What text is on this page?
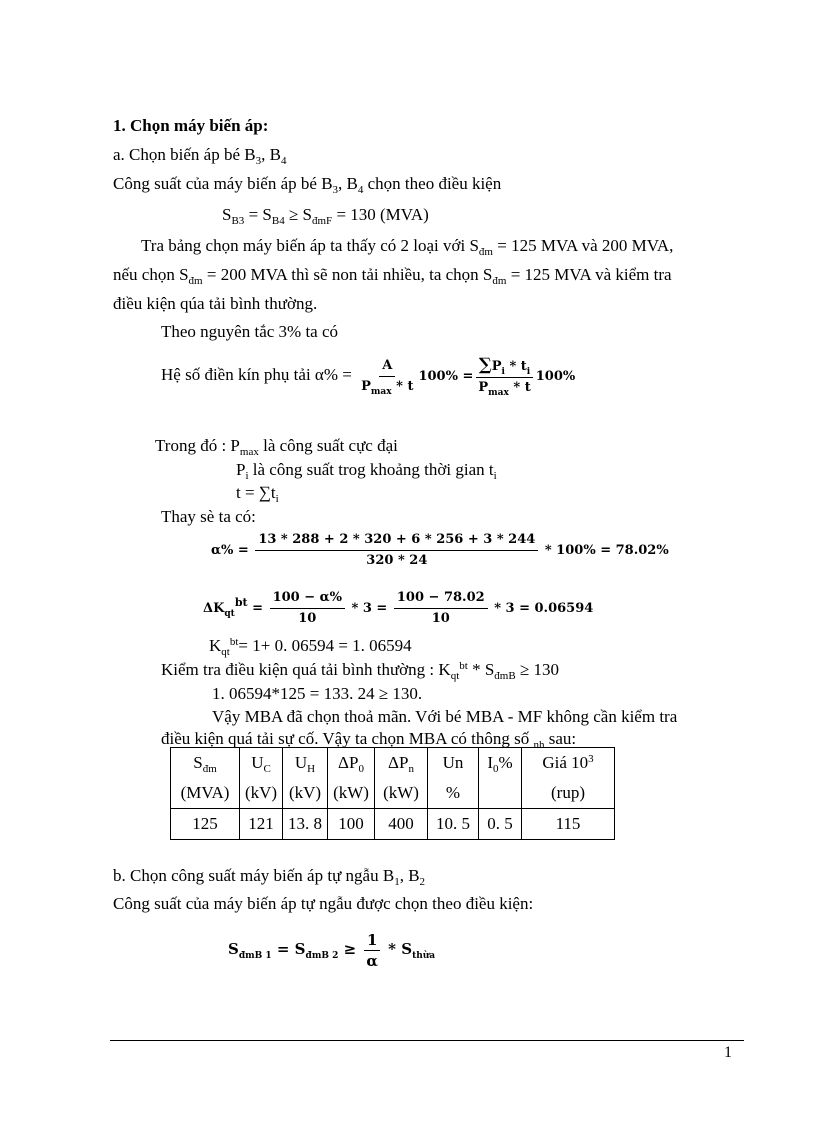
1. Chọn máy biến áp:
a. Chọn biến áp bé $B_3$, $B_4$
Công suất của máy biến áp bé $B_3$, $B_4$ chọn theo điều kiện
$S_{B3} = S_{B4} \ge S_{đmF} = 130$ (MVA)
Tra bảng chọn máy biến áp ta thấy có 2 loại với $S_{đm} = 125$ MVA và 200 MVA,
nếu chọn $S_{đm} = 200$ MVA thì sẽ non tải nhiều, ta chọn $S_{đm} = 125$ MVA và kiểm tra
điều kiện qúa tải bình thường.
Theo nguyên tắc 3% ta có
Hệ số điền kín phụ tải $\alpha\% = \frac{A}{P_{max} * t} 100\% = \frac{\sum P_i * t_i}{P_{max} * t} 100\%$
Trong đó : $P_{max}$ là công suất cực đại
$P_i$ là công suất trog khoảng thời gian $t_i$
$t = \sum t_i$
Thay sè ta có:
$\alpha\% = \frac{13 * 288 + 2 * 320 + 6 * 256 + 3 * 244}{320 * 24} * 100\% = 78.02\%$
$\Delta K_{qt}^{bt} = \frac{100 - \alpha\%}{10} * 3 = \frac{100 - 78.02}{10} * 3 = 0.06594$
$K_{qt}^{bt}= 1+ 0$. 06594 = 1. 06594
Kiểm tra điều kiện quá tải bình thường : $K_{qt}^{bt} * S_{đmB} \ge 130$
1. 06594*125 = 133. 24 ≥ 130.
Vậy MBA đã chọn thoả mãn. Với bé MBA - MF không cần kiểm tra
điều kiện quá tải sự cố. Vậy ta chọn MBA có thông số $_{nh}$ sau:
$S_{đm}$	$U_C$	$U_H$	$\Delta P_0$	$\Delta P_n$	Un	$I_0\%$	Giá $10^3$
(MVA)	(kV)	(kV)	(kW)	(kW)	%		(rup)
125	121	13. 8	100	400	10. 5	0. 5	115
b. Chọn công suất máy biến áp tự ngẫu $B_1$, $B_2$
Công suất của máy biến áp tự ngẫu được chọn theo điều kiện:
$S_{đmB 1} = S_{đmB 2} \ge \frac{1}{\alpha} * S_{thừa}$
1
